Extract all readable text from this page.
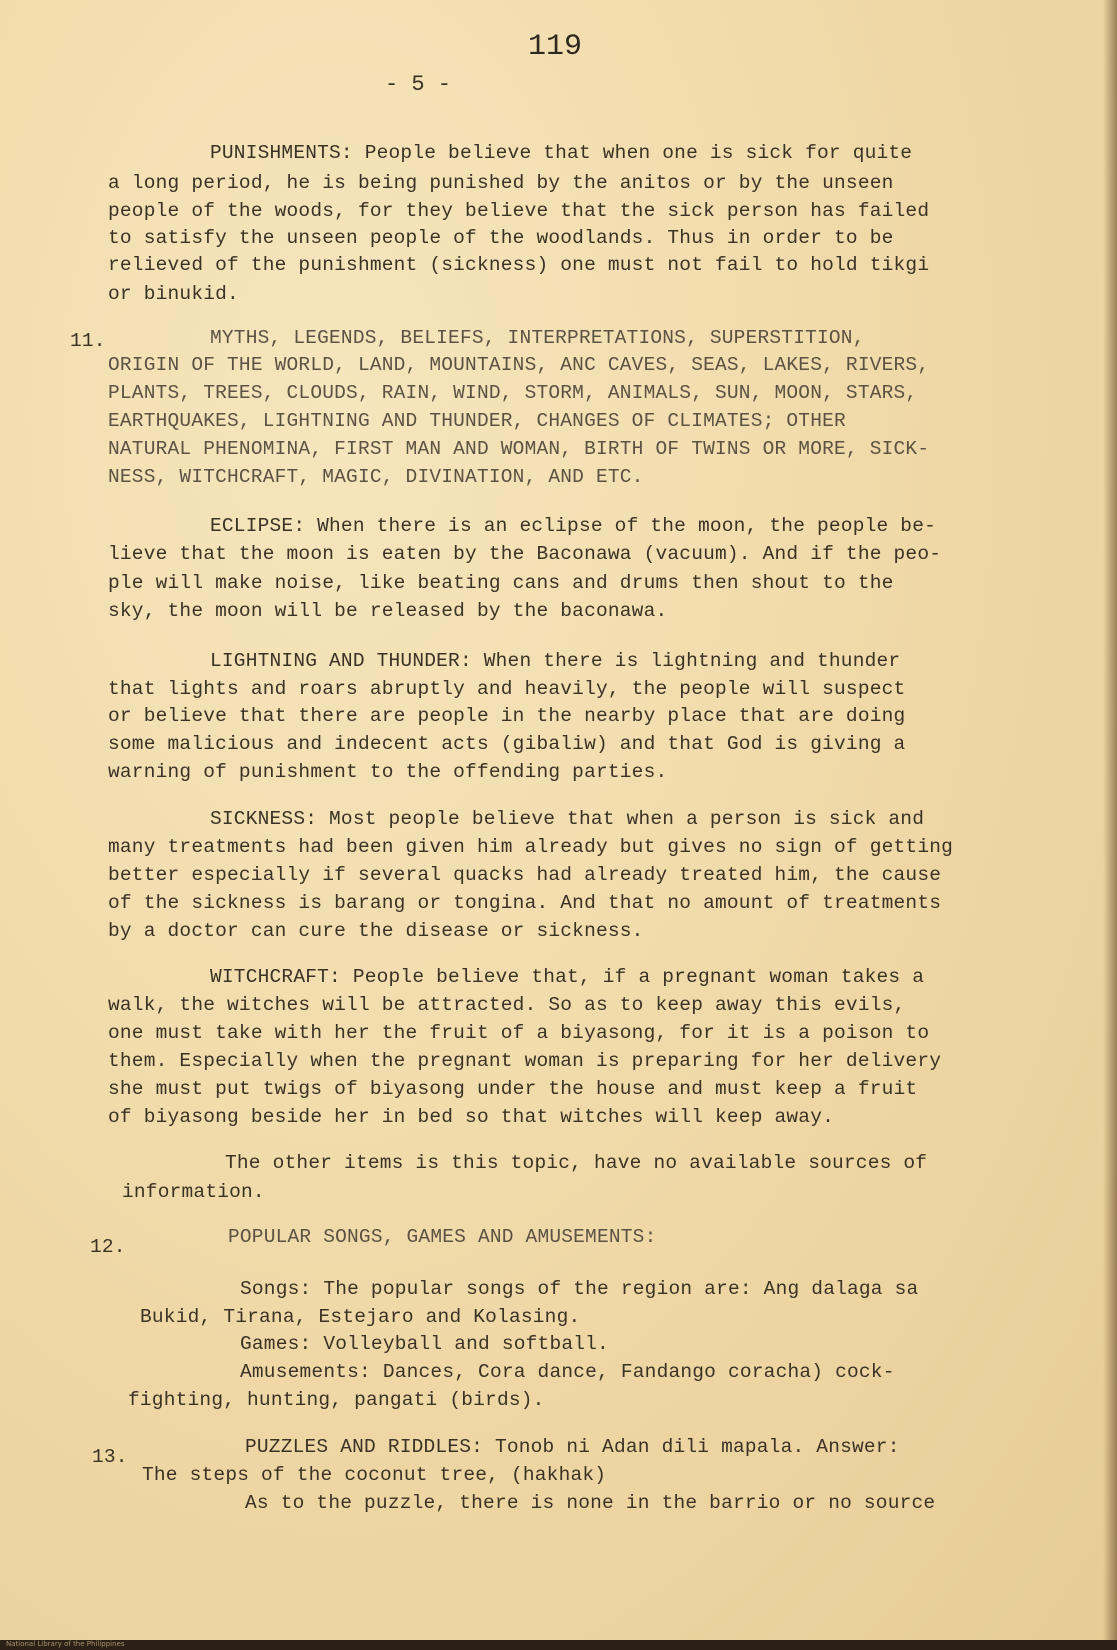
119
- 5 -
PUNISHMENTS: People believe that when one is sick for quite
a long period, he is being punished by the anitos or by the unseen
people of the woods, for they believe that the sick person has failed
to satisfy the unseen people of the woodlands. Thus in order to be
relieved of the punishment (sickness) one must not fail to hold tikgi
or binukid.
11.	MYTHS, LEGENDS, BELIEFS, INTERPRETATIONS, SUPERSTITION,
ORIGIN OF THE WORLD, LAND, MOUNTAINS, ANC CAVES, SEAS, LAKES, RIVERS,
PLANTS, TREES, CLOUDS, RAIN, WIND, STORM, ANIMALS, SUN, MOON, STARS,
EARTHQUAKES, LIGHTNING AND THUNDER, CHANGES OF CLIMATES; OTHER
NATURAL PHENOMINA, FIRST MAN AND WOMAN, BIRTH OF TWINS OR MORE, SICK-
NESS, WITCHCRAFT, MAGIC, DIVINATION, AND ETC.
ECLIPSE: When there is an eclipse of the moon, the people be-
lieve that the moon is eaten by the Baconawa (vacuum). And if the peo-
ple will make noise, like beating cans and drums then shout to the
sky, the moon will be released by the baconawa.
LIGHTNING AND THUNDER: When there is lightning and thunder
that lights and roars abruptly and heavily, the people will suspect
or believe that there are people in the nearby place that are doing
some malicious and indecent acts (gibaliw) and that God is giving a
warning of punishment to the offending parties.
SICKNESS: Most people believe that when a person is sick and
many treatments had been given him already but gives no sign of getting
better especially if several quacks had already treated him, the cause
of the sickness is barang or tongina. And that no amount of treatments
by a doctor can cure the disease or sickness.
WITCHCRAFT: People believe that, if a pregnant woman takes a
walk, the witches will be attracted. So as to keep away this evils,
one must take with her the fruit of a biyasong, for it is a poison to
them. Especially when the pregnant woman is preparing for her delivery
she must put twigs of biyasong under the house and must keep a fruit
of biyasong beside her in bed so that witches will keep away.
The other items is this topic, have no available sources of
information.
12.	POPULAR SONGS, GAMES AND AMUSEMENTS:
Songs: The popular songs of the region are: Ang dalaga sa
Bukid, Tirana, Estejaro and Kolasing.
Games: Volleyball and softball.
Amusements: Dances, Cora dance, Fandango coracha) cock-
fighting, hunting, pangati (birds).
13.	PUZZLES AND RIDDLES: Tonob ni Adan dili mapala. Answer:
The steps of the coconut tree, (hakhak)
As to the puzzle, there is none in the barrio or no source
National Library of the Philippines
